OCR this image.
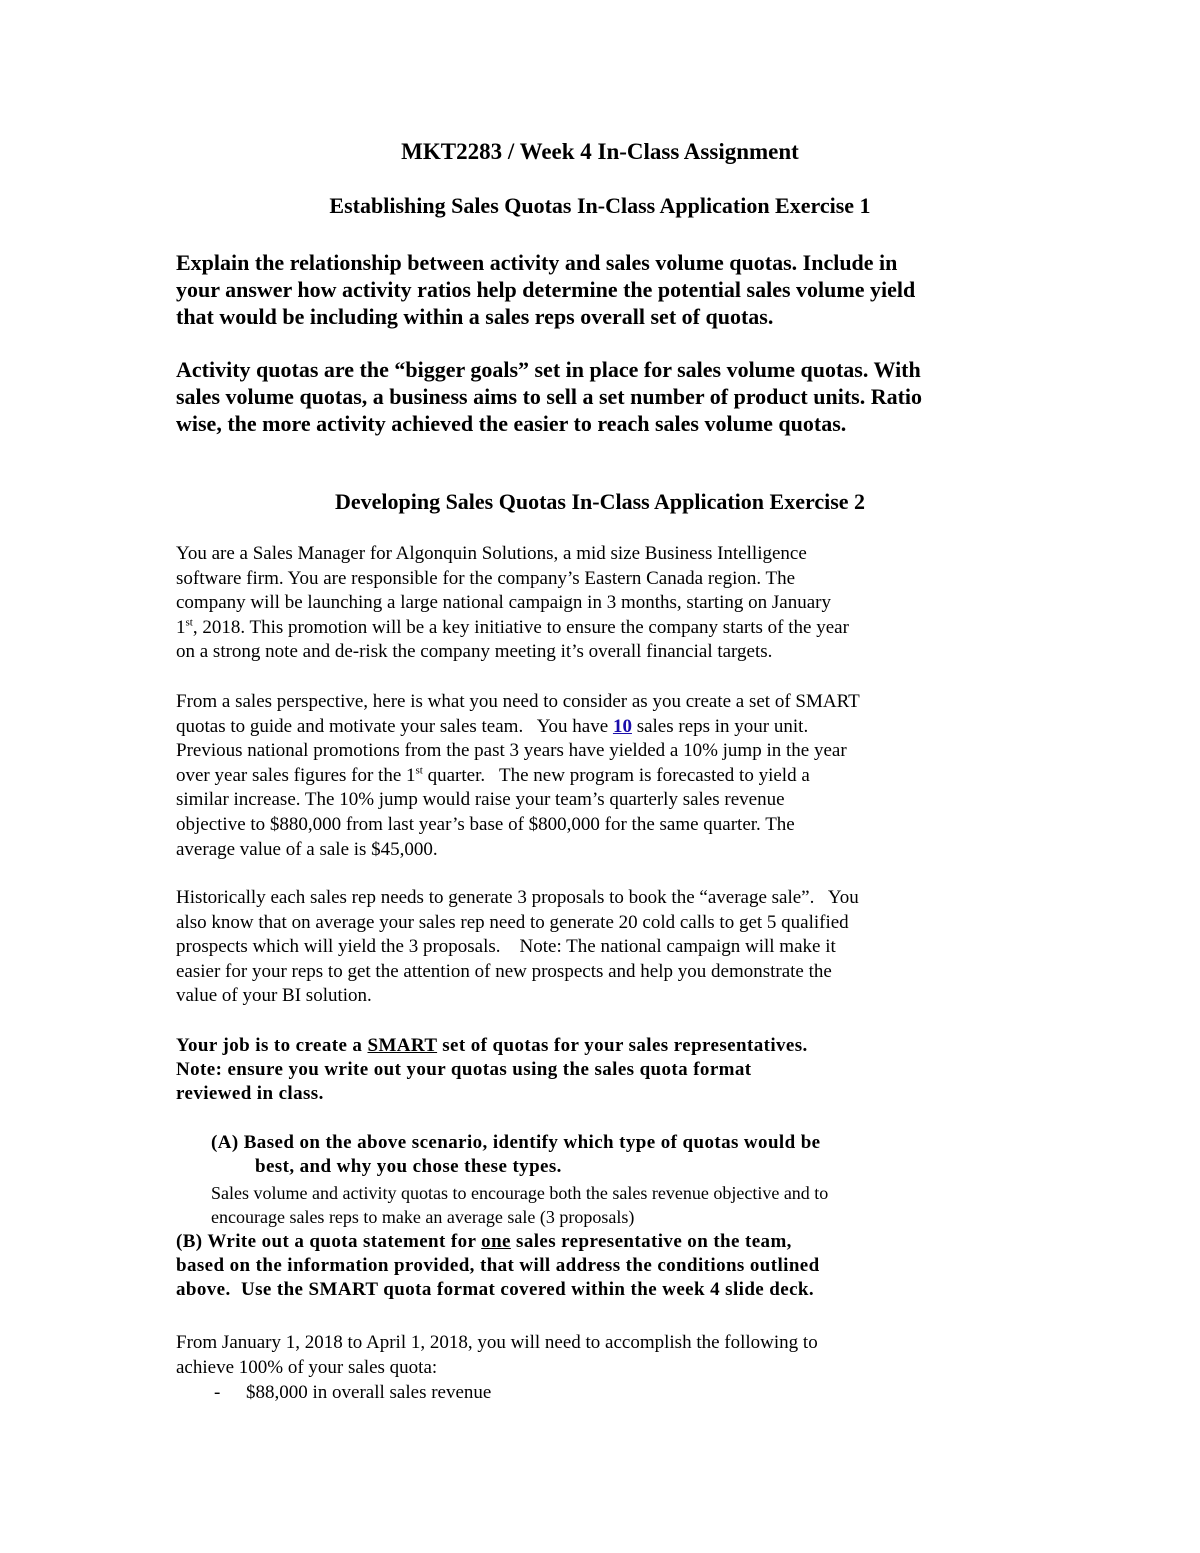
MKT2283 / Week 4 In-Class Assignment
Establishing Sales Quotas In-Class Application Exercise 1
Explain the relationship between activity and sales volume quotas. Include in
your answer how activity ratios help determine the potential sales volume yield
that would be including within a sales reps overall set of quotas.
Activity quotas are the “bigger goals” set in place for sales volume quotas. With
sales volume quotas, a business aims to sell a set number of product units. Ratio
wise, the more activity achieved the easier to reach sales volume quotas.
Developing Sales Quotas In-Class Application Exercise 2
You are a Sales Manager for Algonquin Solutions, a mid size Business Intelligence
software firm. You are responsible for the company’s Eastern Canada region. The
company will be launching a large national campaign in 3 months, starting on January
1st, 2018. This promotion will be a key initiative to ensure the company starts of the year
on a strong note and de-risk the company meeting it’s overall financial targets.
From a sales perspective, here is what you need to consider as you create a set of SMART
quotas to guide and motivate your sales team.   You have 10 sales reps in your unit.
Previous national promotions from the past 3 years have yielded a 10% jump in the year
over year sales figures for the 1st quarter.   The new program is forecasted to yield a
similar increase. The 10% jump would raise your team’s quarterly sales revenue
objective to $880,000 from last year’s base of $800,000 for the same quarter. The
average value of a sale is $45,000.
Historically each sales rep needs to generate 3 proposals to book the “average sale”.   You
also know that on average your sales rep need to generate 20 cold calls to get 5 qualified
prospects which will yield the 3 proposals.    Note: The national campaign will make it
easier for your reps to get the attention of new prospects and help you demonstrate the
value of your BI solution.
Your job is to create a SMART set of quotas for your sales representatives.
Note: ensure you write out your quotas using the sales quota format
reviewed in class.
(A) Based on the above scenario, identify which type of quotas would be
best, and why you chose these types.
Sales volume and activity quotas to encourage both the sales revenue objective and to
encourage sales reps to make an average sale (3 proposals)
(B) Write out a quota statement for one sales representative on the team,
based on the information provided, that will address the conditions outlined
above.  Use the SMART quota format covered within the week 4 slide deck.
From January 1, 2018 to April 1, 2018, you will need to accomplish the following to
achieve 100% of your sales quota:
- $88,000 in overall sales revenue
